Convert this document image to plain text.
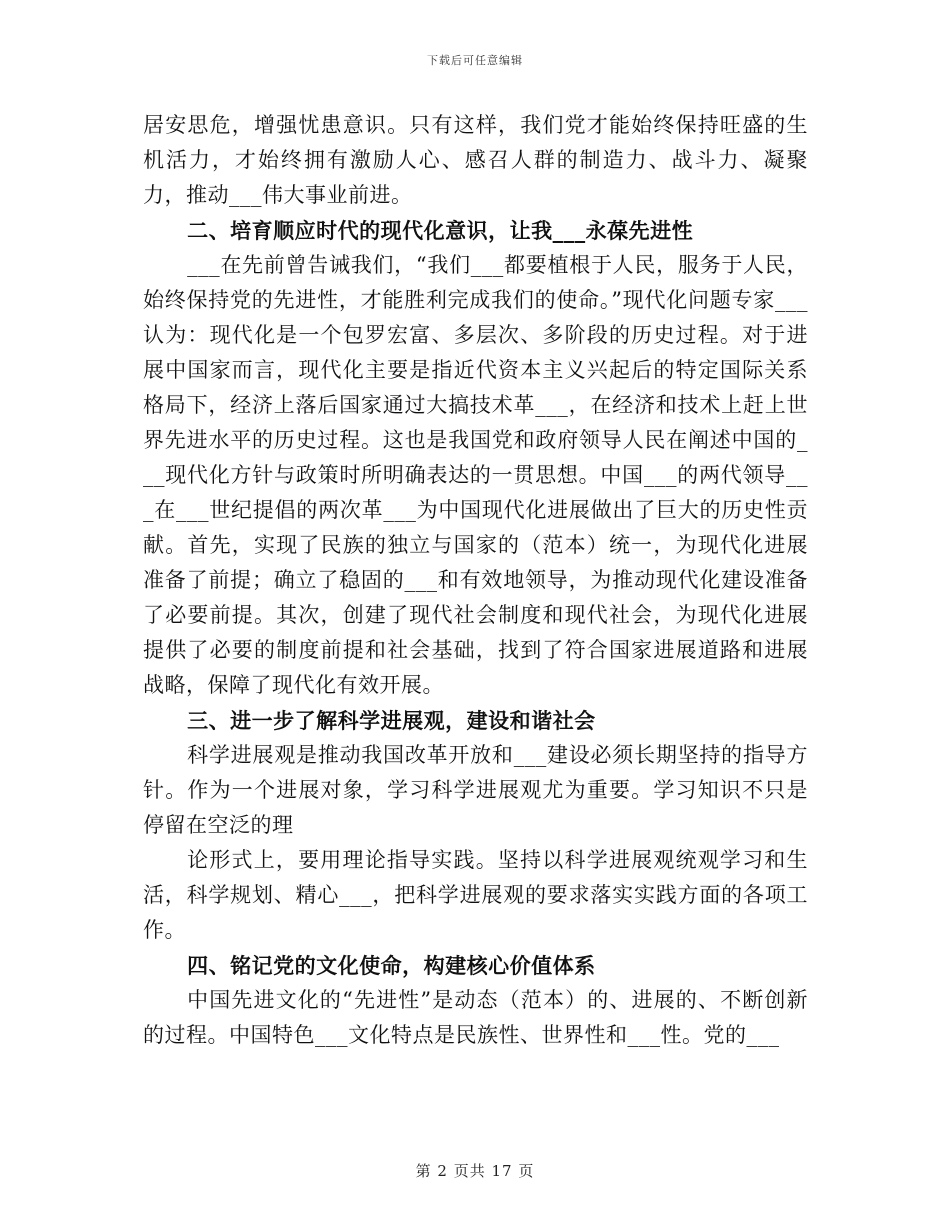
下载后可任意编辑

居安思危，增强忧患意识。只有这样，我们党才能始终保持旺盛的生机活力，才始终拥有激励人心、感召人群的制造力、战斗力、凝聚力，推动___伟大事业前进。

二、培育顺应时代的现代化意识，让我___永葆先进性

___在先前曾告诫我们，“我们___都要植根于人民，服务于人民，始终保持党的先进性，才能胜利完成我们的使命。”现代化问题专家___认为：现代化是一个包罗宏富、多层次、多阶段的历史过程。对于进展中国家而言，现代化主要是指近代资本主义兴起后的特定国际关系格局下，经济上落后国家通过大搞技术革___，在经济和技术上赶上世界先进水平的历史过程。这也是我国党和政府领导人民在阐述中国的___现代化方针与政策时所明确表达的一贯思想。中国___的两代领导___在___世纪提倡的两次革___为中国现代化进展做出了巨大的历史性贡献。首先，实现了民族的独立与国家的（范本）统一，为现代化进展准备了前提；确立了稳固的___和有效地领导，为推动现代化建设准备了必要前提。其次，创建了现代社会制度和现代社会，为现代化进展提供了必要的制度前提和社会基础，找到了符合国家进展道路和进展战略，保障了现代化有效开展。

三、进一步了解科学进展观，建设和谐社会

科学进展观是推动我国改革开放和___建设必须长期坚持的指导方针。作为一个进展对象，学习科学进展观尤为重要。学习知识不只是停留在空泛的理

论形式上，要用理论指导实践。坚持以科学进展观统观学习和生活，科学规划、精心___，把科学进展观的要求落实实践方面的各项工作。

四、铭记党的文化使命，构建核心价值体系

中国先进文化的“先进性”是动态（范本）的、进展的、不断创新的过程。中国特色___文化特点是民族性、世界性和___性。党的___

第 2 页共 17 页
